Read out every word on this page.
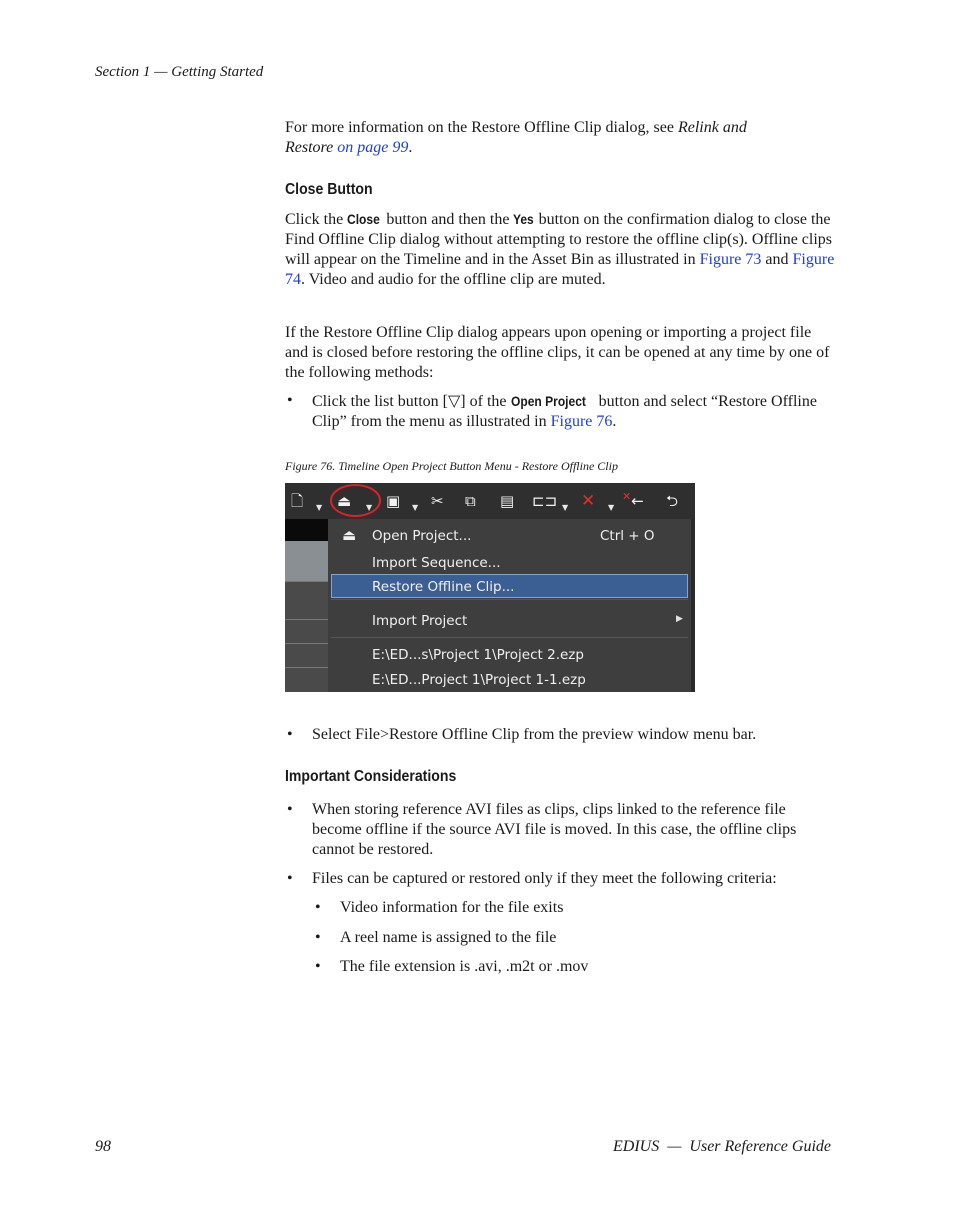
Section 1 — Getting Started
For more information on the Restore Offline Clip dialog, see Relink and
Restore on page 99.
Close Button
Click the Close button and then the Yes button on the confirmation dialog to close the Find Offline Clip dialog without attempting to restore the offline clip(s). Offline clips will appear on the Timeline and in the Asset Bin as illustrated in Figure 73 and Figure 74. Video and audio for the offline clip are muted.
If the Restore Offline Clip dialog appears upon opening or importing a project file and is closed before restoring the offline clips, it can be opened at any time by one of the following methods:
• Click the list button [▽] of the Open Project button and select “Restore Offline Clip” from the menu as illustrated in Figure 76.
Figure 76. Timeline Open Project Button Menu - Restore Offline Clip
🗋 ▼ ⏏ ▼ ▣ ▼ ✂ ⧉ ▤ ⊏⊐ ▼ ✕ ▼
✕← ⮌
⏏ Open Project...	Ctrl + O
Import Sequence...
Restore Offline Clip...
Import Project	▶
E:\ED...s\Project 1\Project 2.ezp
E:\ED...Project 1\Project 1-1.ezp
• Select File>Restore Offline Clip from the preview window menu bar.
Important Considerations
• When storing reference AVI files as clips, clips linked to the reference file become offline if the source AVI file is moved. In this case, the offline clips cannot be restored.
• Files can be captured or restored only if they meet the following criteria:
• Video information for the file exits
• A reel name is assigned to the file
• The file extension is .avi, .m2t or .mov
98	EDIUS  —  User Reference Guide
